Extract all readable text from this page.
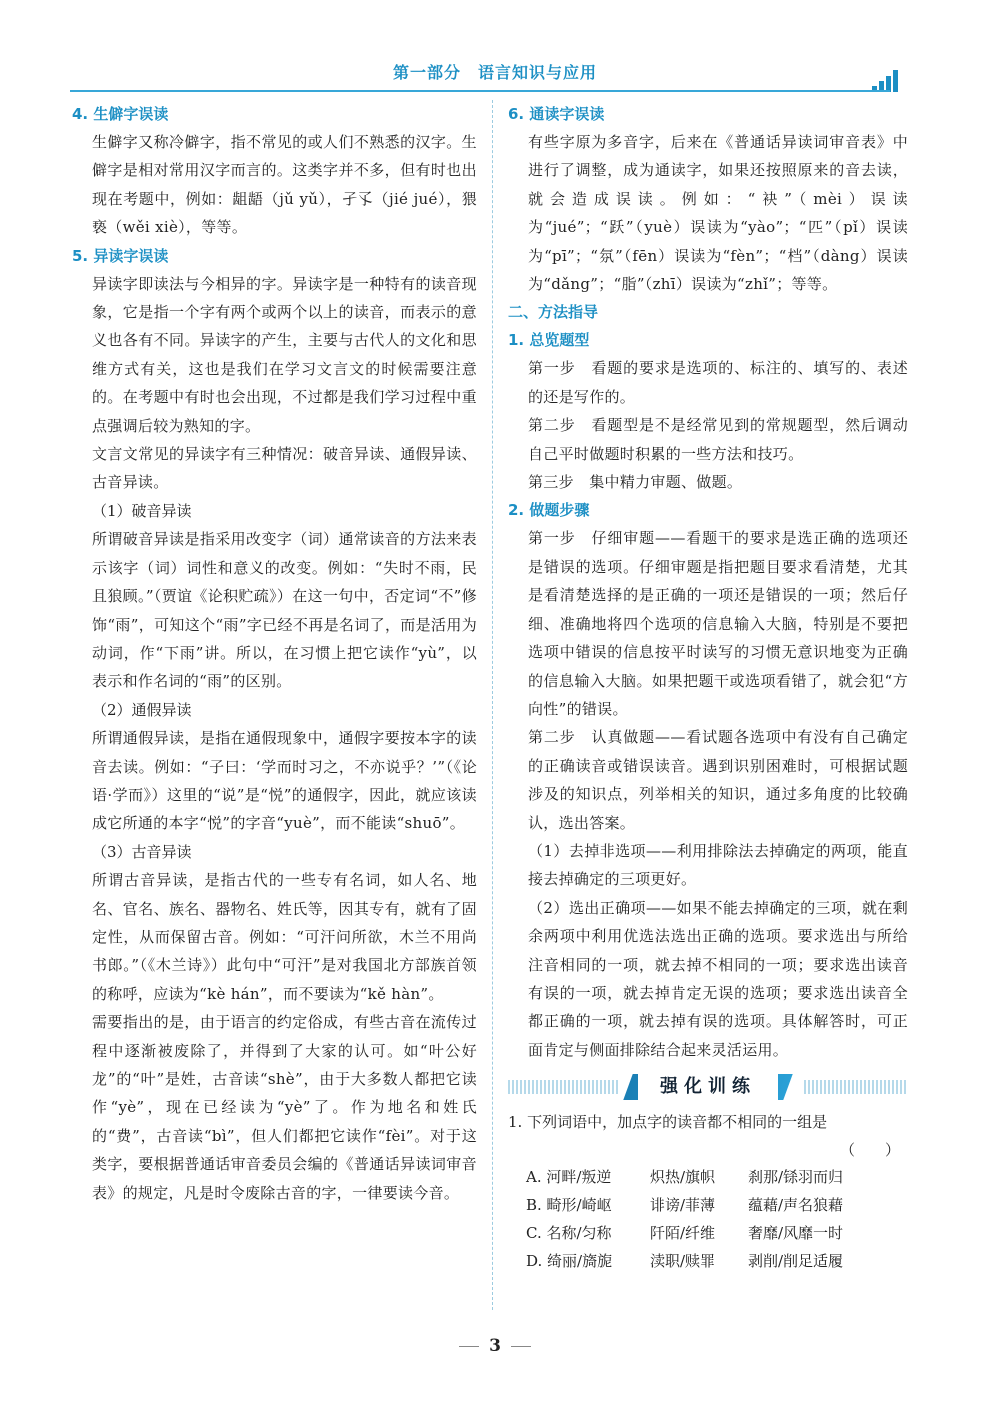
第一部分　语言知识与应用

4. 生僻字误读

生僻字又称冷僻字，指不常见的或人们不熟悉的汉字。生僻字是相对常用汉字而言的。这类字并不多，但有时也出现在考题中，例如：龃龉（jǔ yǔ），孑孓（jié jué），猥亵（wěi xiè），等等。

5. 异读字误读

异读字即读法与今相异的字。异读字是一种特有的读音现象，它是指一个字有两个或两个以上的读音，而表示的意义也各有不同。异读字的产生，主要与古代人的文化和思维方式有关，这也是我们在学习文言文的时候需要注意的。在考题中有时也会出现，不过都是我们学习过程中重点强调后较为熟知的字。

文言文常见的异读字有三种情况：破音异读、通假异读、古音异读。

（1）破音异读

所谓破音异读是指采用改变字（词）通常读音的方法来表示该字（词）词性和意义的改变。例如：“失时不雨，民且狼顾。”（贾谊《论积贮疏》）在这一句中，否定词“不”修饰“雨”，可知这个“雨”字已经不再是名词了，而是活用为动词，作“下雨”讲。所以，在习惯上把它读作“yù”，以表示和作名词的“雨”的区别。

（2）通假异读

所谓通假异读，是指在通假现象中，通假字要按本字的读音去读。例如：“子曰：‘学而时习之，不亦说乎？’”（《论语·学而》）这里的“说”是“悦”的通假字，因此，就应该读成它所通的本字“悦”的字音“yuè”，而不能读“shuō”。

（3）古音异读

所谓古音异读，是指古代的一些专有名词，如人名、地名、官名、族名、器物名、姓氏等，因其专有，就有了固定性，从而保留古音。例如：“可汗问所欲，木兰不用尚书郎。”（《木兰诗》）此句中“可汗”是对我国北方部族首领的称呼，应读为“kè hán”，而不要读为“kě hàn”。

需要指出的是，由于语言的约定俗成，有些古音在流传过程中逐渐被废除了，并得到了大家的认可。如“叶公好龙”的“叶”是姓，古音读“shè”，由于大多数人都把它读作“yè”，现在已经读为“yè”了。作为地名和姓氏的“费”，古音读“bì”，但人们都把它读作“fèi”。对于这类字，要根据普通话审音委员会编的《普通话异读词审音表》的规定，凡是时令废除古音的字，一律要读今音。

6. 通读字误读

有些字原为多音字，后来在《普通话异读词审音表》中进行了调整，成为通读字，如果还按照原来的音去读，就会造成误读。例如：“袂”（mèi）误读为“jué”；“跃”（yuè）误读为“yào”；“匹”（pǐ）误读为“pī”；“氛”（fēn）误读为“fèn”；“档”（dàng）误读为“dǎng”；“脂”（zhī）误读为“zhǐ”；等等。

二、方法指导

1. 总览题型

第一步　看题的要求是选项的、标注的、填写的、表述的还是写作的。

第二步　看题型是不是经常见到的常规题型，然后调动自己平时做题时积累的一些方法和技巧。

第三步　集中精力审题、做题。

2. 做题步骤

第一步　仔细审题——看题干的要求是选正确的选项还是错误的选项。仔细审题是指把题目要求看清楚，尤其是看清楚选择的是正确的一项还是错误的一项；然后仔细、准确地将四个选项的信息输入大脑，特别是不要把选项中错误的信息按平时读写的习惯无意识地变为正确的信息输入大脑。如果把题干或选项看错了，就会犯“方向性”的错误。

第二步　认真做题——看试题各选项中有没有自己确定的正确读音或错误读音。遇到识别困难时，可根据试题涉及的知识点，列举相关的知识，通过多角度的比较确认，选出答案。

（1）去掉非选项——利用排除法去掉确定的两项，能直接去掉确定的三项更好。

（2）选出正确项——如果不能去掉确定的三项，就在剩余两项中利用优选法选出正确的选项。要求选出与所给注音相同的一项，就去掉不相同的一项；要求选出读音有误的一项，就去掉肯定无误的选项；要求选出读音全都正确的一项，就去掉有误的选项。具体解答时，可正面肯定与侧面排除结合起来灵活运用。

强化训练

1. 下列词语中，加点字的读音都不相同的一组是

（　　）

A. 河畔/叛逆	炽热/旗帜 刹那/铩羽而归
B. 畸形/崎岖	诽谤/菲薄 蕴藉/声名狼藉
C. 名称/匀称	阡陌/纤维 奢靡/风靡一时
D. 绮丽/旖旎	渎职/赎罪 剥削/削足适履
3
